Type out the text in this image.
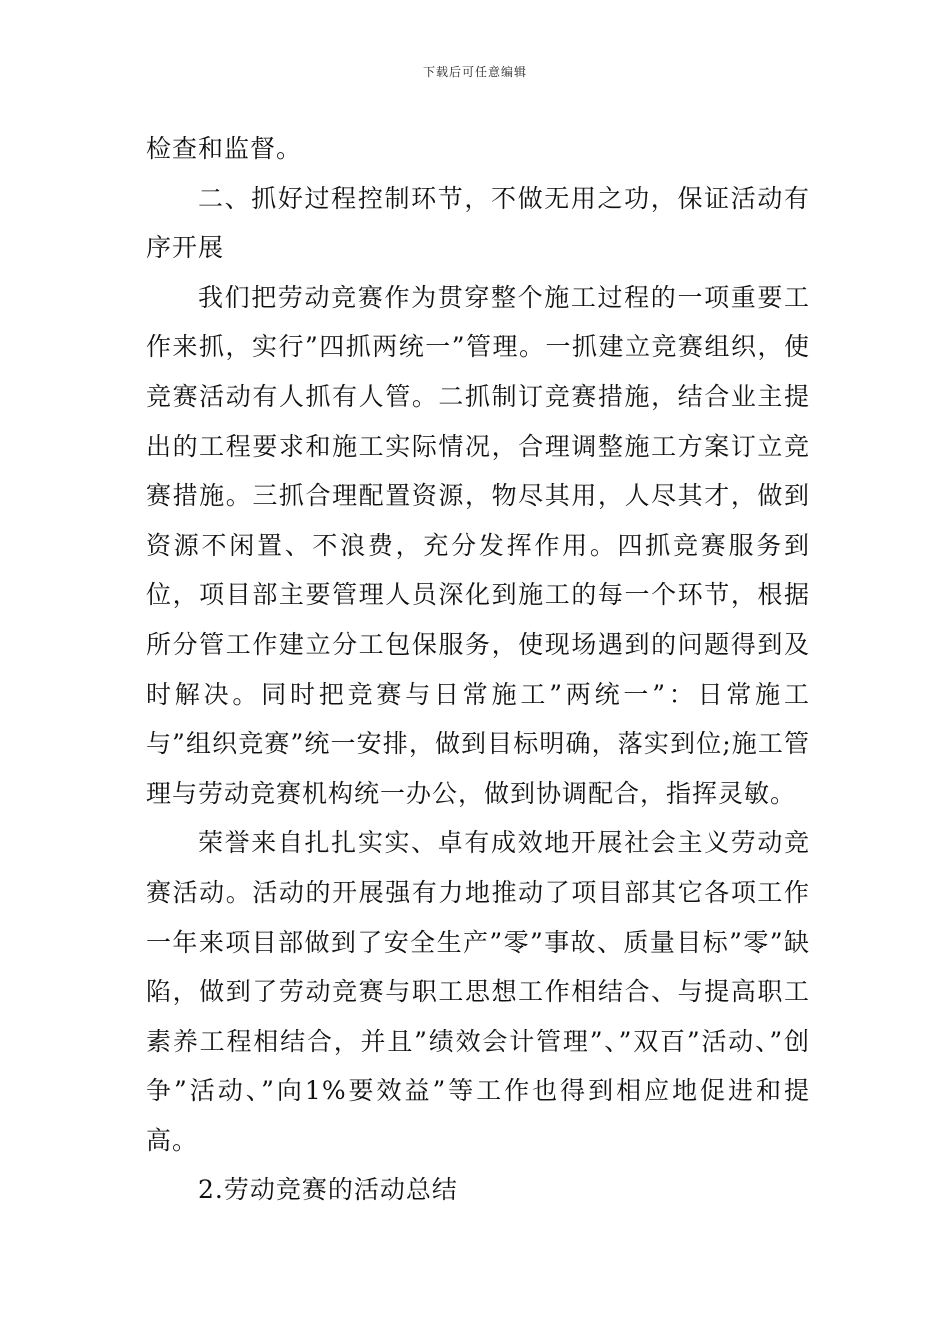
下载后可任意编辑

检查和监督。

二、抓好过程控制环节，不做无用之功，保证活动有序开展

我们把劳动竞赛作为贯穿整个施工过程的一项重要工作来抓，实行”四抓两统一”管理。一抓建立竞赛组织，使竞赛活动有人抓有人管。二抓制订竞赛措施，结合业主提出的工程要求和施工实际情况，合理调整施工方案订立竞赛措施。三抓合理配置资源，物尽其用，人尽其才，做到资源不闲置、不浪费，充分发挥作用。四抓竞赛服务到位，项目部主要管理人员深化到施工的每一个环节，根据所分管工作建立分工包保服务，使现场遇到的问题得到及时解决。同时把竞赛与日常施工”两统一”：日常施工与”组织竞赛”统一安排，做到目标明确，落实到位;施工管理与劳动竞赛机构统一办公，做到协调配合，指挥灵敏。

荣誉来自扎扎实实、卓有成效地开展社会主义劳动竞赛活动。活动的开展强有力地推动了项目部其它各项工作一年来项目部做到了安全生产”零”事故、质量目标”零”缺陷，做到了劳动竞赛与职工思想工作相结合、与提高职工素养工程相结合，并且”绩效会计管理”、”双百”活动、”创争”活动、”向1%要效益”等工作也得到相应地促进和提高。

2.劳动竞赛的活动总结
